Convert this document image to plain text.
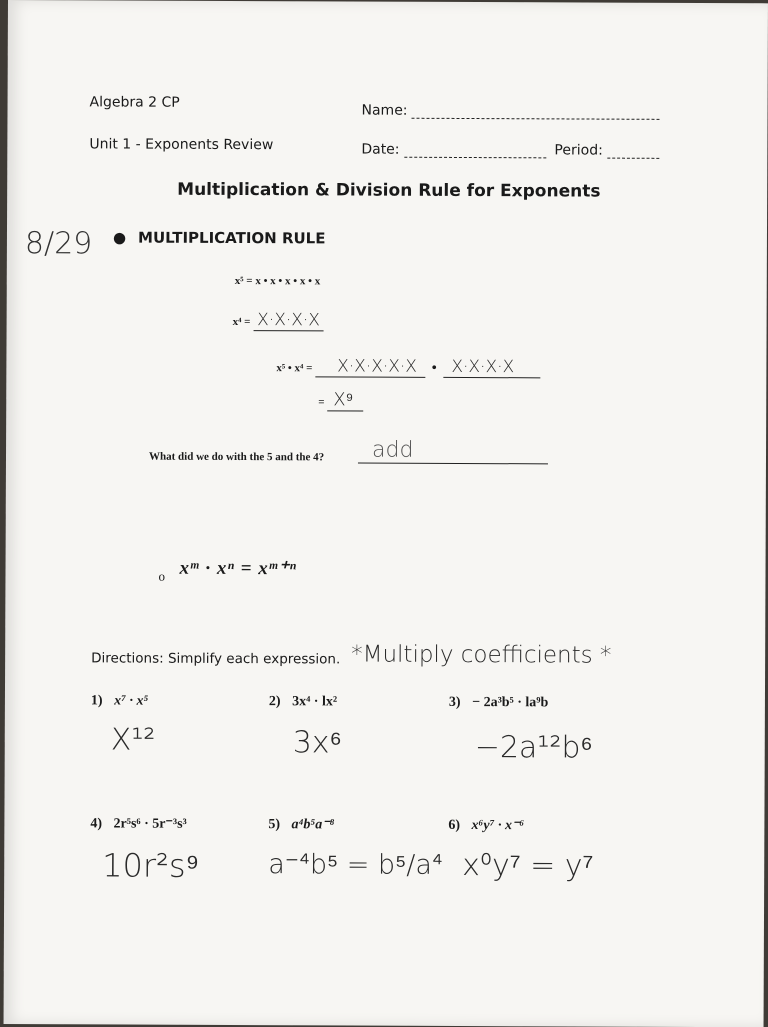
Algebra 2 CP
Unit 1 - Exponents Review
Name:
Date:	Period:
Multiplication & Division Rule for Exponents
8/29 ● MULTIPLICATION RULE
x⁵ = x • x • x • x • x
x⁴ = X·X·X·X
x⁵ • x⁴ = X·X·X·X·X • X·X·X·X
= X⁹
What did we do with the 5 and the 4?	add
o xᵐ · xⁿ = xᵐ⁺ⁿ
Directions: Simplify each expression. *Multiply coefficients *
1) x⁷ · x⁵
X¹²
2) 3x⁴ · lx²
3x⁶
3) − 2a³b⁵ · la⁹b
−2a¹²b⁶
4) 2r⁵s⁶ · 5r⁻³s³
10r²s⁹
5) a⁴b⁵a⁻⁸
a⁻⁴b⁵ = b⁵/a⁴
6) x⁶y⁷ · x⁻⁶
x⁰y⁷ = y⁷
